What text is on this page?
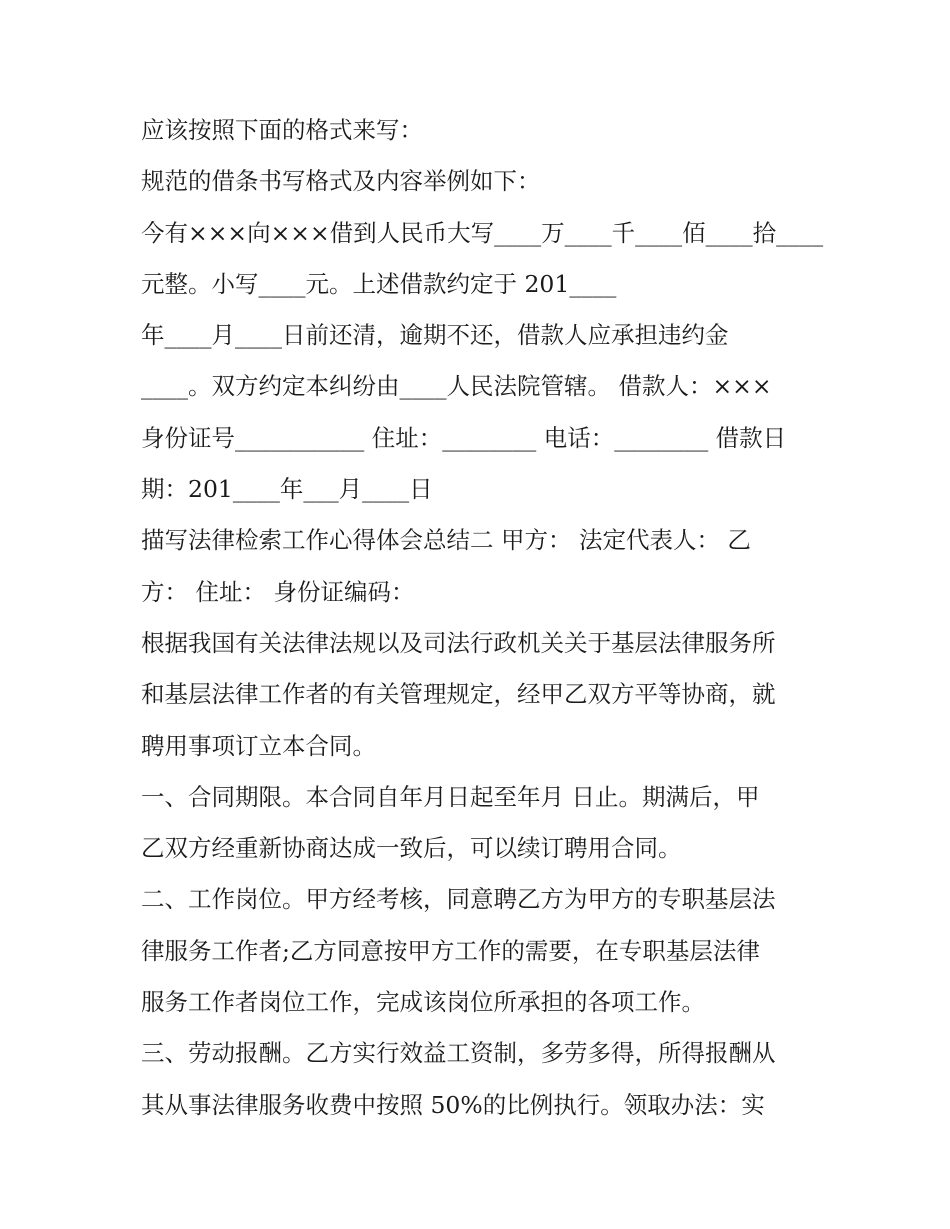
应该按照下面的格式来写：
规范的借条书写格式及内容举例如下：
今有×××向×××借到人民币大写____万____千____佰____拾____
元整。小写____元。上述借款约定于 201____
年____月____日前还清，逾期不还，借款人应承担违约金
____。双方约定本纠纷由____人民法院管辖。 借款人：×××
身份证号___________ 住址：________ 电话：________ 借款日
期：201____年___月____日
描写法律检索工作心得体会总结二 甲方： 法定代表人： 乙
方： 住址： 身份证编码：
根据我国有关法律法规以及司法行政机关关于基层法律服务所
和基层法律工作者的有关管理规定，经甲乙双方平等协商，就
聘用事项订立本合同。
一、合同期限。本合同自年月日起至年月 日止。期满后，甲
乙双方经重新协商达成一致后，可以续订聘用合同。
二、工作岗位。甲方经考核，同意聘乙方为甲方的专职基层法
律服务工作者;乙方同意按甲方工作的需要，在专职基层法律
服务工作者岗位工作，完成该岗位所承担的各项工作。
三、劳动报酬。乙方实行效益工资制，多劳多得，所得报酬从
其从事法律服务收费中按照 50%的比例执行。领取办法：实
